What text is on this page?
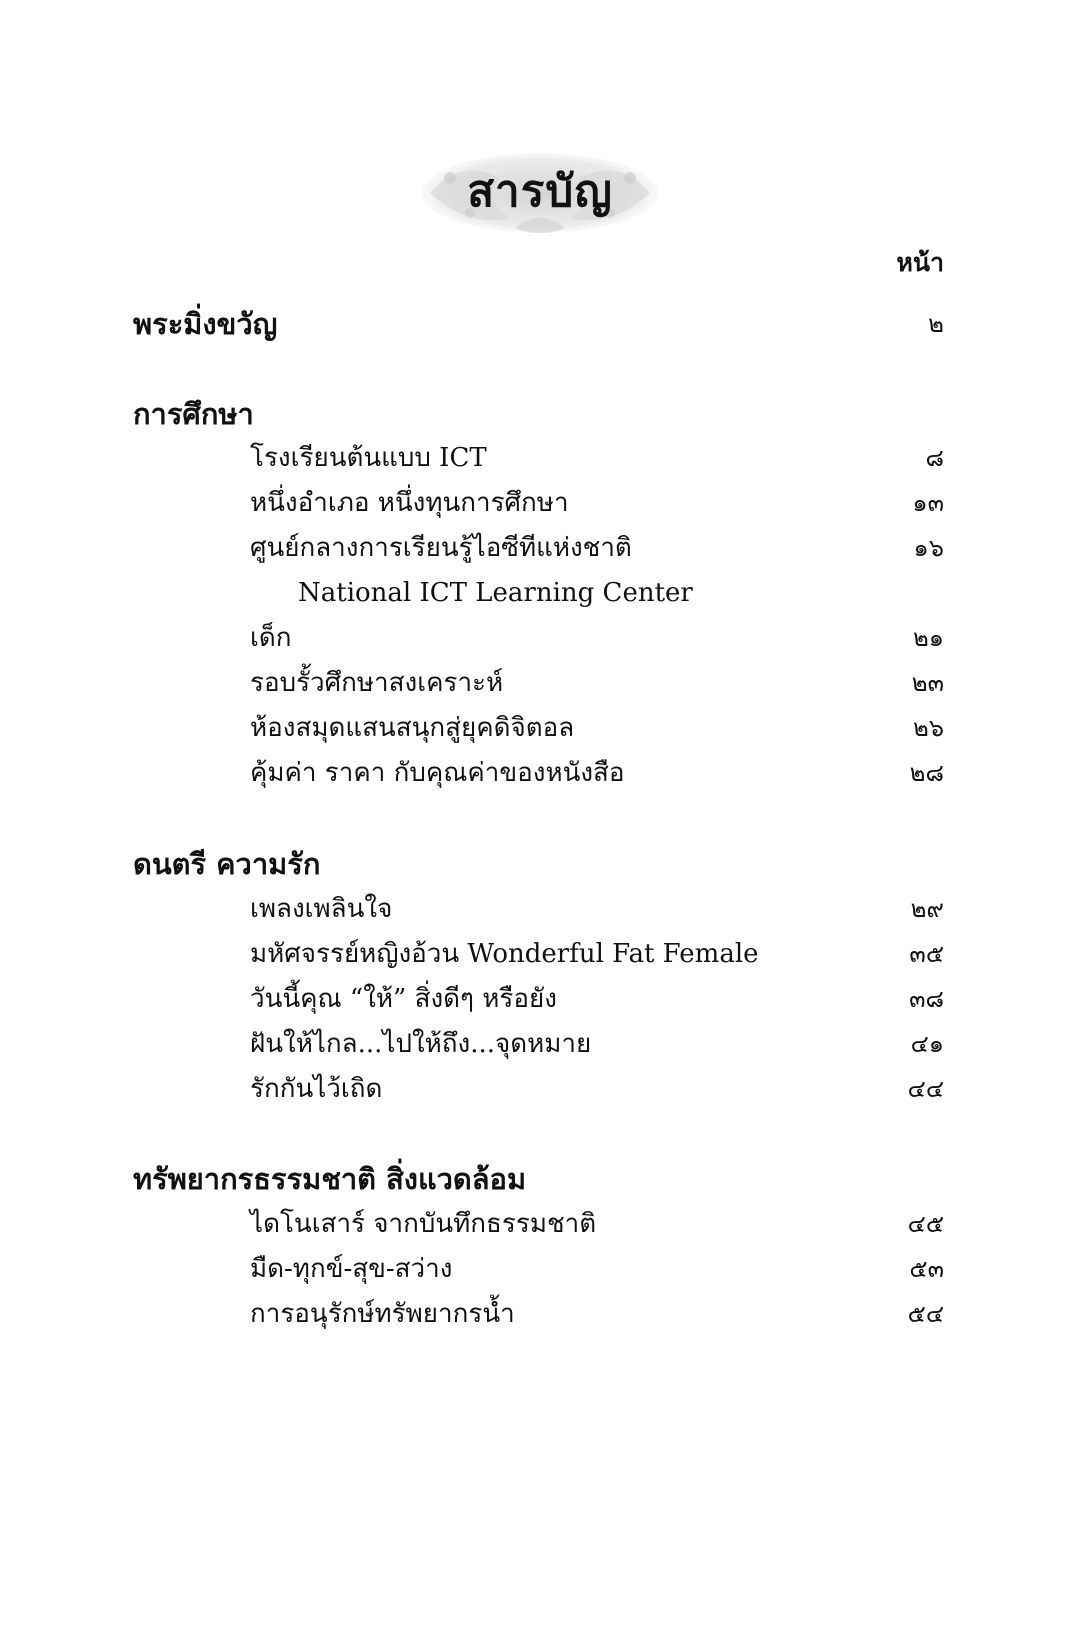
สารบัญ
หน้า
พระมิ่งขวัญ	๒
การศึกษา
โรงเรียนต้นแบบ ICT	๘
หนึ่งอำเภอ หนึ่งทุนการศึกษา	๑๓
ศูนย์กลางการเรียนรู้ไอซีทีแห่งชาติ	๑๖
National ICT Learning Center
เด็ก	๒๑
รอบรั้วศึกษาสงเคราะห์	๒๓
ห้องสมุดแสนสนุกสู่ยุคดิจิตอล	๒๖
คุ้มค่า ราคา กับคุณค่าของหนังสือ	๒๘
ดนตรี ความรัก
เพลงเพลินใจ	๒๙
มหัศจรรย์หญิงอ้วน Wonderful Fat Female	๓๕
วันนี้คุณ “ให้” สิ่งดีๆ หรือยัง	๓๘
ฝันให้ไกล...ไปให้ถึง...จุดหมาย	๔๑
รักกันไว้เถิด	๔๔
ทรัพยากรธรรมชาติ สิ่งแวดล้อม
ไดโนเสาร์ จากบันทึกธรรมชาติ	๔๕
มืด-ทุกข์-สุข-สว่าง	๕๓
การอนุรักษ์ทรัพยากรน้ำ	๕๔
